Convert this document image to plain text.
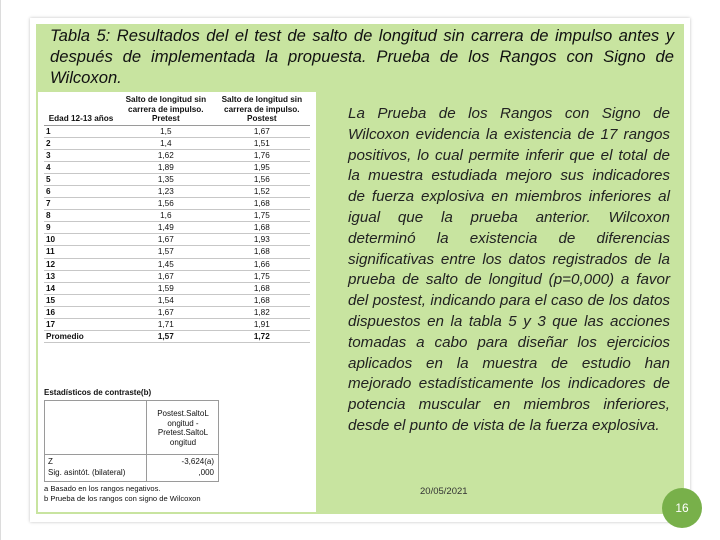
Tabla 5: Resultados del el test de salto de longitud sin carrera de impulso antes y después de implementada la propuesta. Prueba de los Rangos con Signo de Wilcoxon.

Edad 12-13 años	Salto de longitud sin carrera de impulso. Pretest	Salto de longitud sin carrera de impulso. Postest
1	1,5	1,67
2	1,4	1,51
3	1,62	1,76
4	1,89	1,95
5	1,35	1,56
6	1,23	1,52
7	1,56	1,68
8	1,6	1,75
9	1,49	1,68
10	1,67	1,93
11	1,57	1,68
12	1,45	1,66
13	1,67	1,75
14	1,59	1,68
15	1,54	1,68
16	1,67	1,82
17	1,71	1,91
Promedio	1,57	1,72
Estadísticos de contraste(b)
Postest.SaltoL ongitud - Pretest.SaltoL ongitud
Z	-3,624(a)
Sig. asintót. (bilateral)	,000
a Basado en los rangos negativos.
b Prueba de los rangos con signo de Wilcoxon

La Prueba de los Rangos con Signo de Wilcoxon evidencia la existencia de 17 rangos positivos, lo cual permite inferir que el total de la muestra estudiada mejoro sus indicadores de fuerza explosiva en miembros inferiores al igual que la prueba anterior. Wilcoxon determinó la existencia de diferencias significativas entre los datos registrados de la prueba de salto de longitud (p=0,000) a favor del postest, indicando para el caso de los datos dispuestos en la tabla 5 y 3 que las acciones tomadas a cabo para diseñar los ejercicios aplicados en la muestra de estudio han mejorado estadísticamente los indicadores de potencia muscular en miembros inferiores, desde el punto de vista de la fuerza explosiva.

20/05/2021
16
